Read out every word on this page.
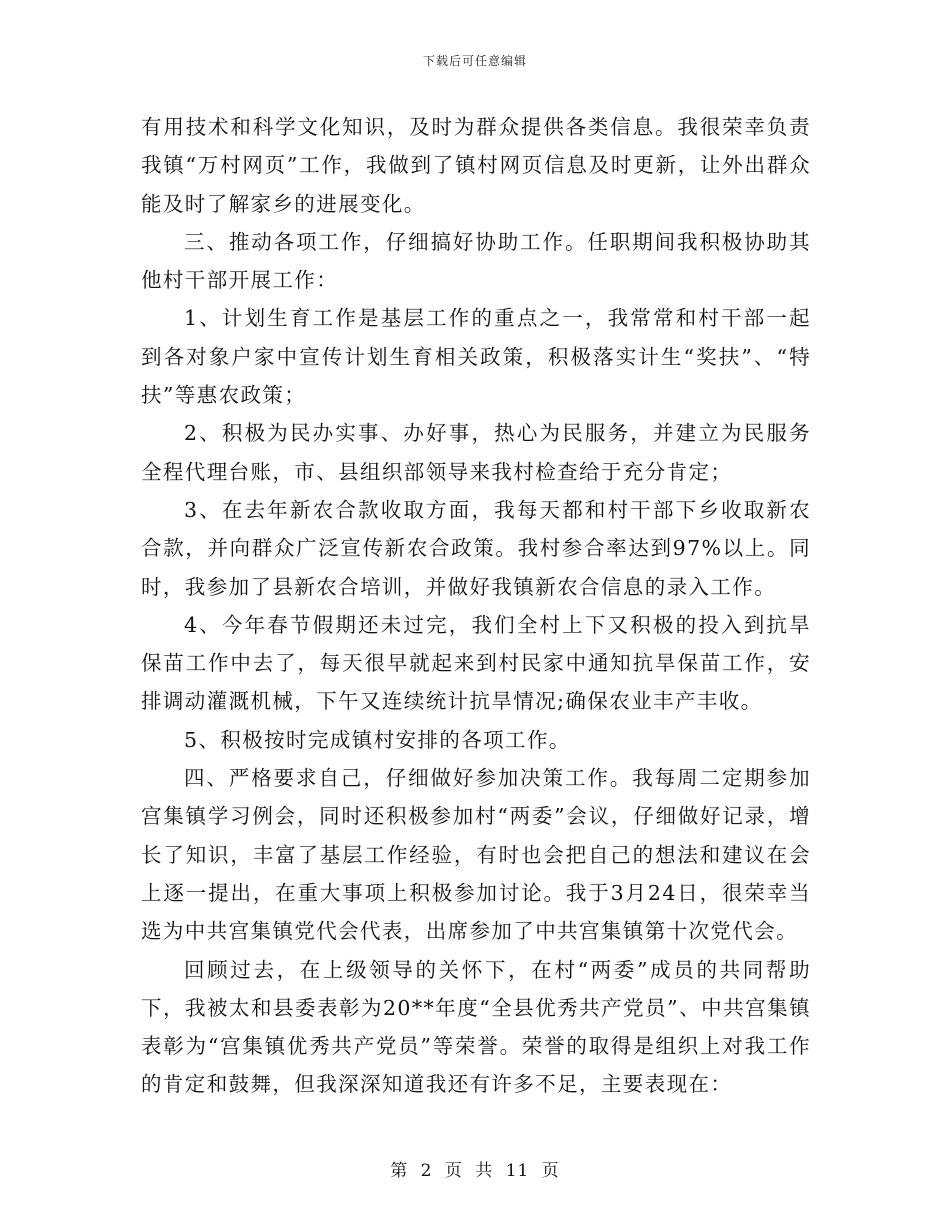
下载后可任意编辑

有用技术和科学文化知识，及时为群众提供各类信息。我很荣幸负责我镇“万村网页”工作，我做到了镇村网页信息及时更新，让外出群众能及时了解家乡的进展变化。

三、推动各项工作，仔细搞好协助工作。任职期间我积极协助其他村干部开展工作：

1、计划生育工作是基层工作的重点之一，我常常和村干部一起到各对象户家中宣传计划生育相关政策，积极落实计生“奖扶”、“特扶”等惠农政策；

2、积极为民办实事、办好事，热心为民服务，并建立为民服务全程代理台账，市、县组织部领导来我村检查给于充分肯定；

3、在去年新农合款收取方面，我每天都和村干部下乡收取新农合款，并向群众广泛宣传新农合政策。我村参合率达到97%以上。同时，我参加了县新农合培训，并做好我镇新农合信息的录入工作。

4、今年春节假期还未过完，我们全村上下又积极的投入到抗旱保苗工作中去了，每天很早就起来到村民家中通知抗旱保苗工作，安排调动灌溉机械，下午又连续统计抗旱情况;确保农业丰产丰收。

5、积极按时完成镇村安排的各项工作。

四、严格要求自己，仔细做好参加决策工作。我每周二定期参加宫集镇学习例会，同时还积极参加村“两委”会议，仔细做好记录，增长了知识，丰富了基层工作经验，有时也会把自己的想法和建议在会上逐一提出，在重大事项上积极参加讨论。我于3月24日，很荣幸当选为中共宫集镇党代会代表，出席参加了中共宫集镇第十次党代会。

回顾过去，在上级领导的关怀下，在村“两委”成员的共同帮助下，我被太和县委表彰为20**年度“全县优秀共产党员”、中共宫集镇表彰为“宫集镇优秀共产党员”等荣誉。荣誉的取得是组织上对我工作的肯定和鼓舞，但我深深知道我还有许多不足，主要表现在：

第 2 页 共 11 页
